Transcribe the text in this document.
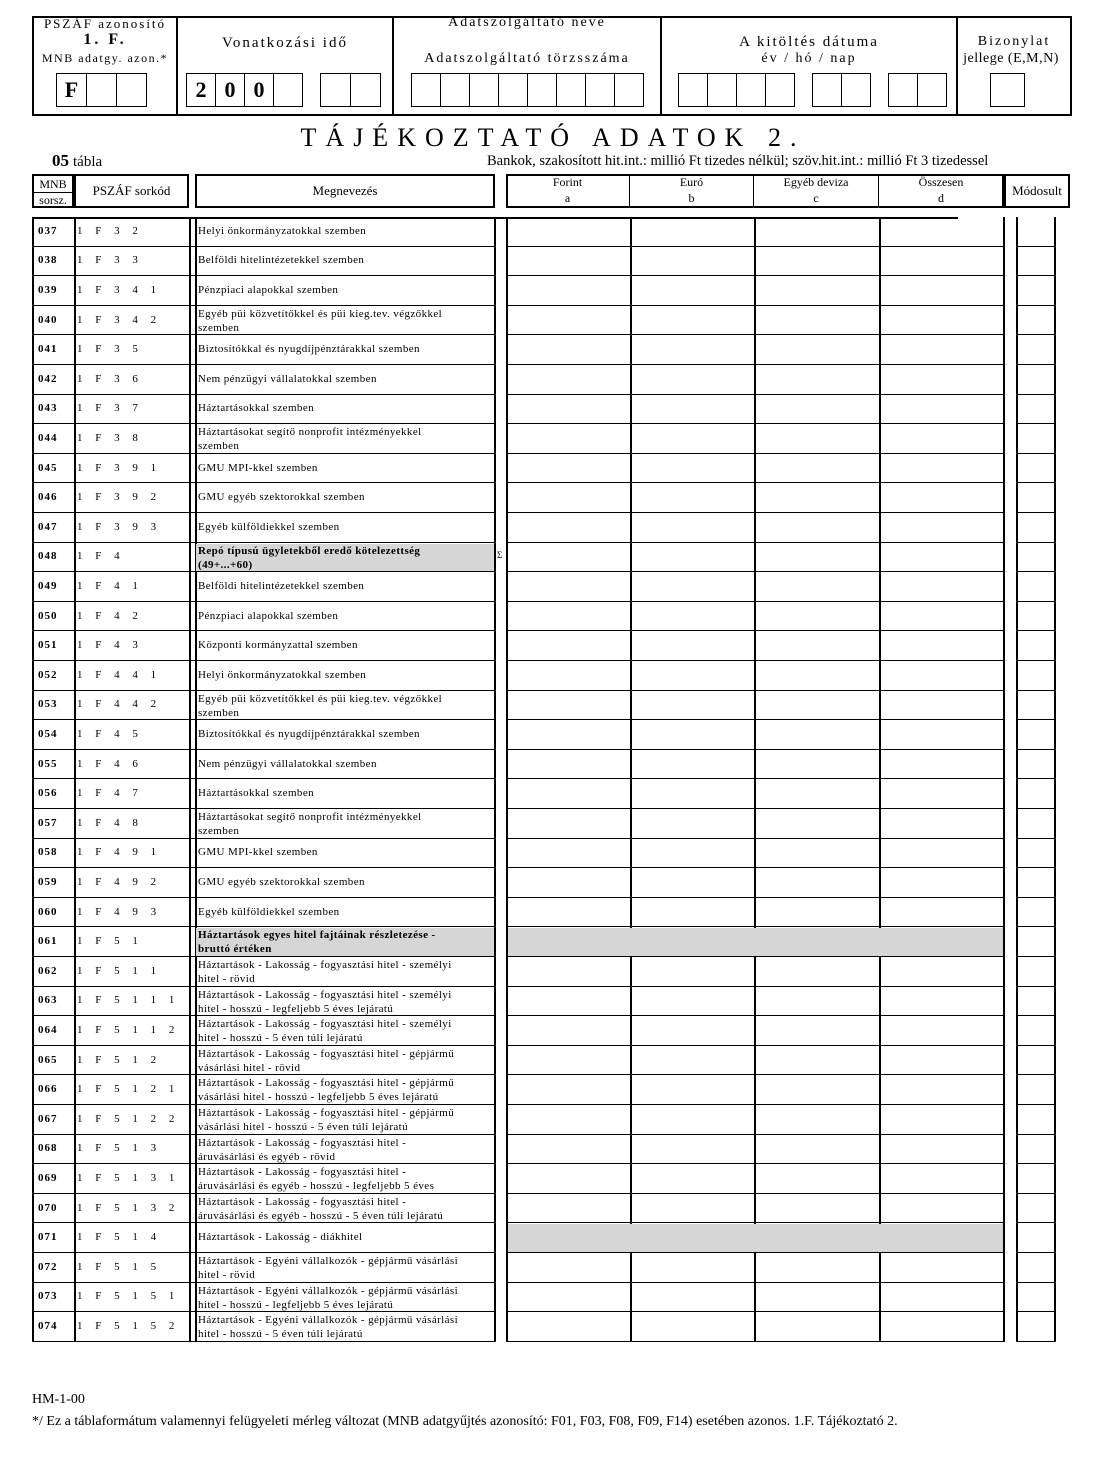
PSZÁF azonosító
1. F.
MNB adatgy. azon.*
Vonatkozási idő
Adatszolgáltató neve
Adatszolgáltató törzsszáma
A kitöltés dátuma
év / hó / nap
Bizonylat
jellege (E,M,N)
F	2 0 0
TÁJÉKOZTATÓ ADATOK 2.
05 tábla	Bankok, szakosított hit.int.: millió Ft tizedes nélkül; szöv.hit.int.: millió Ft 3 tizedessel
MNB
sorsz.
PSZÁF sorkód	Megnevezés
Forint
a
Euró
b
Egyéb deviza
c
Összesen
d	Módosult
037 1 F 3 2	Helyi önkormányzatokkal szemben
038 1 F 3 3	Belföldi hitelintézetekkel szemben
039 1 F 3 4 1	Pénzpiaci alapokkal szemben
040 1 F 3 4 2	Egyéb püi közvetítőkkel és püi kieg.tev. végzőkkel
szemben
041 1 F 3 5	Biztosítókkal és nyugdíjpénztárakkal szemben
042 1 F 3 6	Nem pénzügyi vállalatokkal szemben
043 1 F 3 7	Háztartásokkal szemben
044 1 F 3 8	Háztartásokat segítő nonprofit intézményekkel
szemben
045 1 F 3 9 1	GMU MPI-kkel szemben
046 1 F 3 9 2	GMU egyéb szektorokkal szemben
047 1 F 3 9 3	Egyéb külföldiekkel szemben
048 1 F 4	Repó típusú ügyletekből eredő kötelezettség
(49+...+60)
Σ
049 1 F 4 1	Belföldi hitelintézetekkel szemben
050 1 F 4 2	Pénzpiaci alapokkal szemben
051 1 F 4 3	Központi kormányzattal szemben
052 1 F 4 4 1	Helyi önkormányzatokkal szemben
053 1 F 4 4 2	Egyéb püi közvetítőkkel és püi kieg.tev. végzőkkel
szemben
054 1 F 4 5	Biztosítókkal és nyugdíjpénztárakkal szemben
055 1 F 4 6	Nem pénzügyi vállalatokkal szemben
056 1 F 4 7	Háztartásokkal szemben
057 1 F 4 8	Háztartásokat segítő nonprofit intézményekkel
szemben
058 1 F 4 9 1	GMU MPI-kkel szemben
059 1 F 4 9 2	GMU egyéb szektorokkal szemben
060 1 F 4 9 3	Egyéb külföldiekkel szemben
061 1 F 5 1	Háztartások egyes hitel fajtáinak részletezése -
bruttó értéken
062 1 F 5 1 1	Háztartások - Lakosság - fogyasztási hitel - személyi
hitel - rövid
063 1 F 5 1 1 1 Háztartások - Lakosság - fogyasztási hitel - személyi
hitel - hosszú - legfeljebb 5 éves lejáratú
064 1 F 5 1 1 2 Háztartások - Lakosság - fogyasztási hitel - személyi
hitel - hosszú - 5 éven túli lejáratú
065 1 F 5 1 2	Háztartások - Lakosság - fogyasztási hitel - gépjármű
vásárlási hitel - rövid
066 1 F 5 1 2 1 Háztartások - Lakosság - fogyasztási hitel - gépjármű
vásárlási hitel - hosszú - legfeljebb 5 éves lejáratú
067 1 F 5 1 2 2 Háztartások - Lakosság - fogyasztási hitel - gépjármű
vásárlási hitel - hosszú - 5 éven túli lejáratú
068 1 F 5 1 3	Háztartások - Lakosság - fogyasztási hitel -
áruvásárlási és egyéb - rövid
069 1 F 5 1 3 1 Háztartások - Lakosság - fogyasztási hitel -
áruvásárlási és egyéb - hosszú - legfeljebb 5 éves
070 1 F 5 1 3 2 Háztartások - Lakosság - fogyasztási hitel -
áruvásárlási és egyéb - hosszú - 5 éven túli lejáratú
071 1 F 5 1 4	Háztartások - Lakosság - diákhitel
072 1 F 5 1 5	Háztartások - Egyéni vállalkozók - gépjármű vásárlási
hitel - rövid
073 1 F 5 1 5 1 Háztartások - Egyéni vállalkozók - gépjármű vásárlási
hitel - hosszú - legfeljebb 5 éves lejáratú
074 1 F 5 1 5 2 Háztartások - Egyéni vállalkozók - gépjármű vásárlási
hitel - hosszú - 5 éven túli lejáratú
HM-1-00
*/ Ez a táblaformátum valamennyi felügyeleti mérleg változat (MNB adatgyűjtés azonosító: F01, F03, F08, F09, F14) esetében azonos. 1.F. Tájékoztató 2.
